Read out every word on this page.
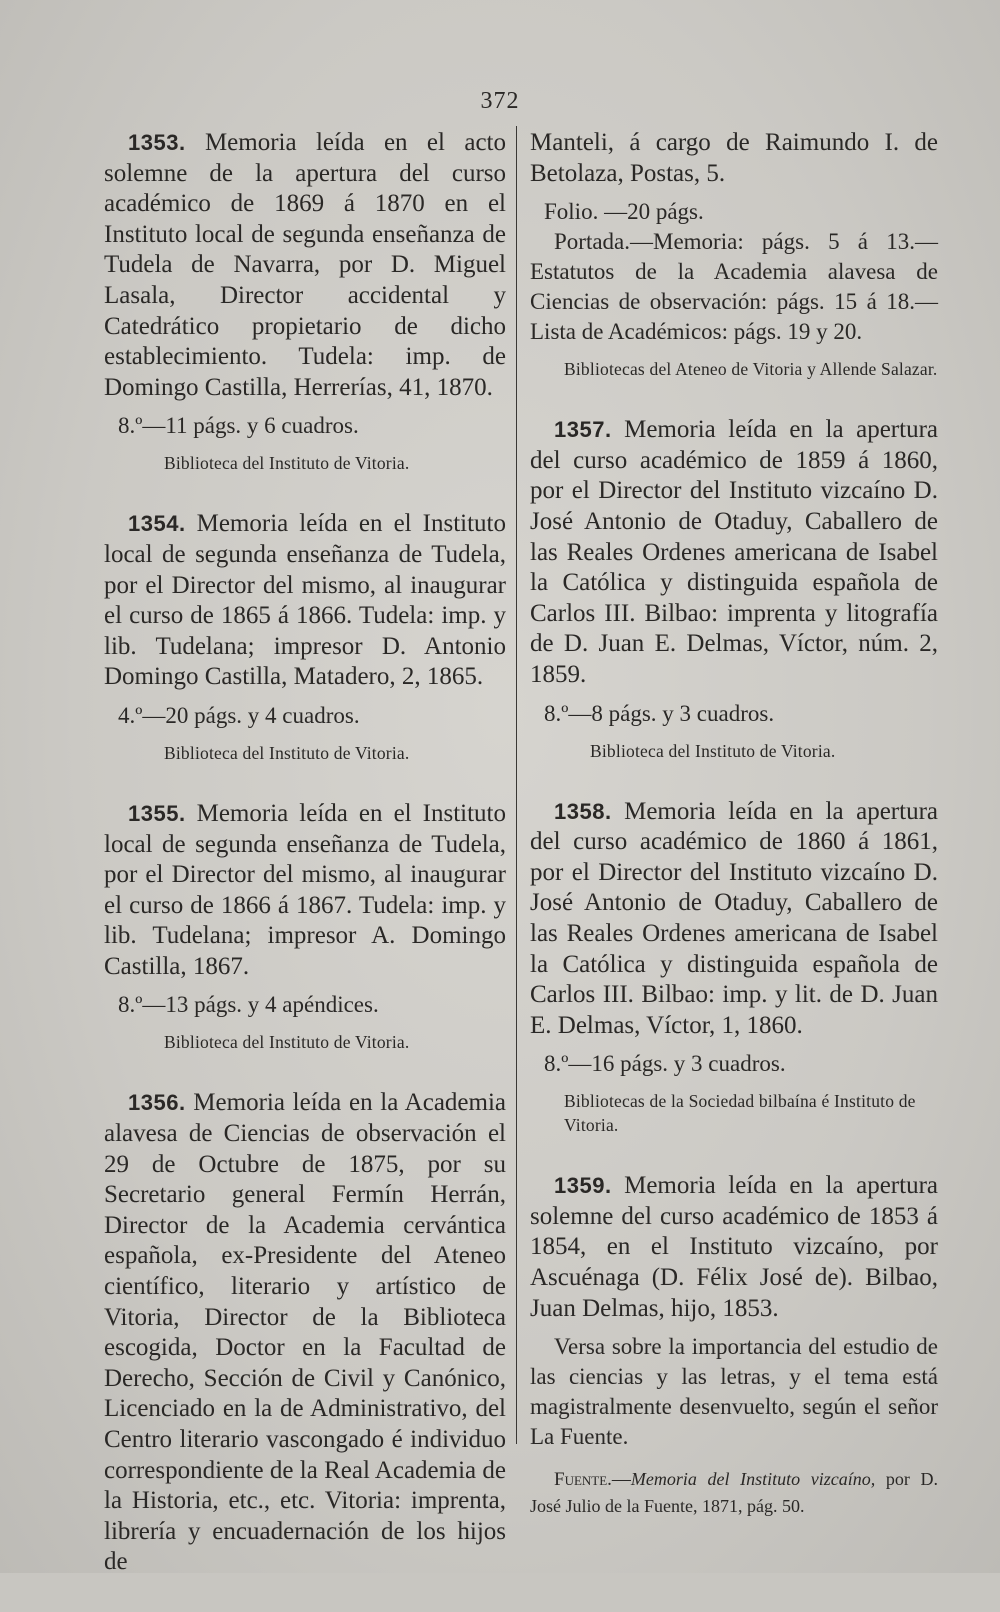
372

1353. Memoria leída en el acto solemne de la apertura del curso académico de 1869 á 1870 en el Instituto local de segunda enseñanza de Tudela de Navarra, por D. Miguel Lasala, Director accidental y Catedrático propietario de dicho establecimiento. Tudela: imp. de Domingo Castilla, Herrerías, 41, 1870.

8.º—11 págs. y 6 cuadros.

Biblioteca del Instituto de Vitoria.

1354. Memoria leída en el Instituto local de segunda enseñanza de Tudela, por el Director del mismo, al inaugurar el curso de 1865 á 1866. Tudela: imp. y lib. Tudelana; impresor D. Antonio Domingo Castilla, Matadero, 2, 1865.

4.º—20 págs. y 4 cuadros.

Biblioteca del Instituto de Vitoria.

1355. Memoria leída en el Instituto local de segunda enseñanza de Tudela, por el Director del mismo, al inaugurar el curso de 1866 á 1867. Tudela: imp. y lib. Tudelana; impresor A. Domingo Castilla, 1867.

8.º—13 págs. y 4 apéndices.

Biblioteca del Instituto de Vitoria.

1356. Memoria leída en la Academia alavesa de Ciencias de observación el 29 de Octubre de 1875, por su Secretario general Fermín Herrán, Director de la Academia cervántica española, ex-Presidente del Ateneo científico, literario y artístico de Vitoria, Director de la Biblioteca escogida, Doctor en la Facultad de Derecho, Sección de Civil y Canónico, Licenciado en la de Administrativo, del Centro literario vascongado é individuo correspondiente de la Real Academia de la Historia, etc., etc. Vitoria: imprenta, librería y encuadernación de los hijos de

Manteli, á cargo de Raimundo I. de Betolaza, Postas, 5.

Folio. —20 págs.

Portada.—Memoria: págs. 5 á 13.—Estatutos de la Academia alavesa de Ciencias de observación: págs. 15 á 18.—Lista de Académicos: págs. 19 y 20.

Bibliotecas del Ateneo de Vitoria y Allende Salazar.

1357. Memoria leída en la apertura del curso académico de 1859 á 1860, por el Director del Instituto vizcaíno D. José Antonio de Otaduy, Caballero de las Reales Ordenes americana de Isabel la Católica y distinguida española de Carlos III. Bilbao: imprenta y litografía de D. Juan E. Delmas, Víctor, núm. 2, 1859.

8.º—8 págs. y 3 cuadros.

Biblioteca del Instituto de Vitoria.

1358. Memoria leída en la apertura del curso académico de 1860 á 1861, por el Director del Instituto vizcaíno D. José Antonio de Otaduy, Caballero de las Reales Ordenes americana de Isabel la Católica y distinguida española de Carlos III. Bilbao: imp. y lit. de D. Juan E. Delmas, Víctor, 1, 1860.

8.º—16 págs. y 3 cuadros.

Bibliotecas de la Sociedad bilbaína é Instituto de Vitoria.

1359. Memoria leída en la apertura solemne del curso académico de 1853 á 1854, en el Instituto vizcaíno, por Ascuénaga (D. Félix José de). Bilbao, Juan Delmas, hijo, 1853.

Versa sobre la importancia del estudio de las ciencias y las letras, y el tema está magistralmente desenvuelto, según el señor La Fuente.

Fuente.—Memoria del Instituto vizcaíno, por D. José Julio de la Fuente, 1871, pág. 50.
